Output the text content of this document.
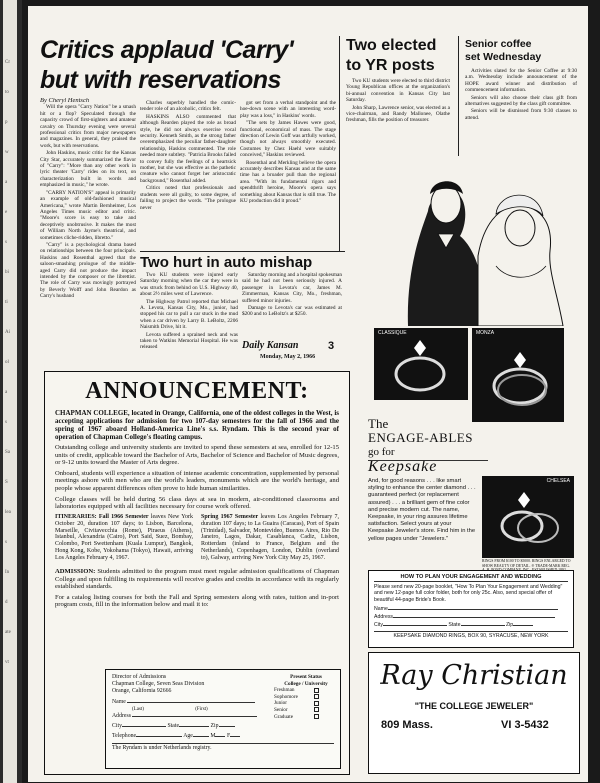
Cr
to
p
w
a
e
s
bi
ti
Ai
ol
a
s
Sa
S
lea
s
In
d
ate
vt
Critics applaud 'Carry'
but with reservations
By Cheryl Hentsch

Will the opera "Carry Nation" be a smash hit or a flop? Speculated through the capacity crowd of first-nighters and amateur cavalry on Thursday evening were several professional critics from major newspapers and magazines. In general, they praised the work, but with reservations.

John Haskins, music critic for the Kansas City Star, accurately summarized the flavor of "Carry": "More than any other work in lyric theater 'Carry' rides on its text, on characterization built in words and emphasized in music," he wrote.

"CARRY NATION'S" appeal is primarily an example of old-fashioned musical Americana," wrote Martin Bernheimer, Los Angeles Times music editor and critic. "Moore's score is easy to take and deceptively unobtrusive. It makes the most of William North Jayme's theatrical, and sometimes cliche-ridden, libretto."

"Carry" is a psychological drama based on relationships between the four principals. Haskins and Rosenthal agreed that the saloon-smashing prologue of the middle-aged Carry did not produce the impact intended by the composer or the librettist. The role of Carry was movingly portrayed by Beverly Wolff and John Reardon as Carry's husband

Charles superbly handled the comic-tender role of an alcoholic, critics felt.

HASKINS ALSO commented that although Rearden played the role as broad style, he did not always exercise vocal security. Kenneth Smith, as the strong father overemphasized the peculiar father-daughter relationship, Haskins commented. The role needed more subtlety. "Patricia Brooks failed to convey fully the feelings of a heartsick mother, but she was effective as the pathetic creature who cannot forget her aristocratic background," Rosenthal added.

Critics noted that professionals and students were all guilty, to some degree, of failing to project the words. "The prologue never

got set from a verbal standpoint and the hoe-down scene with an interesting word-play was a loss," in Haskins' words.

"The sets by James Hawes were good, functional, economical of mass. The stage direction of Lewin Goff was artfully worked, though not always smoothly executed. Costumes by Chez Haehl were suitably conceived," Haskins reviewed.

Rosenthal and Merkling believe the opera accurately describes Kansas and at the same time has a broader pull than the regional area. "With its fundamental rigors and spendthrift heroine, Moore's opera says something about Kansas that is still true. The KU production did it proud."

Two elected
to YR posts

Two KU students were elected to third district Young Republican offices at the organization's bi-annual convention in Kansas City last Saturday.

John Sharp, Lawrence senior, was elected as a vice-chairman, and Randy Mallonee, Olathe freshman, fills the position of treasurer.

Senior coffee
set Wednesday

Activities slated for the Senior Coffee at 9:30 a.m. Wednesday include announcement of the HOPE award winner and distribution of commencement information.

Seniors will also choose their class gift from alternatives suggested by the class gift committee.

Seniors will be dismissed from 9:30 classes to attend.

Two hurt in auto mishap

Two KU students were injured early Saturday morning when the car they were in was struck from behind on U.S. Highway 40, about 2½ miles west of Lawrence.

The Highway Patrol reported that Michael A. Levota, Kansas City, Mo., junior, had stopped his car to pull a car stuck in the mud when a car driven by Larry B. LeBoltz, 2206 Naismith Drive, hit it.

Levota suffered a sprained neck and was taken to Watkins Memorial Hospital. He was released

Saturday morning and a hospital spokesman said he had not been seriously injured. A passenger in Levota's car, James M. Zimmerman, Kansas City, Mo., freshman, suffered minor injuries.

Damage to Levota's car was estimated at $200 and to LeBoltz's at $250.

Daily Kansan
Monday, May 2, 1966
3
ANNOUNCEMENT:

CHAPMAN COLLEGE, located in Orange, California, one of the oldest colleges in the West, is accepting applications for admission for two 107-day semesters for the fall of 1966 and the spring of 1967 aboard Holland-America Line's s.s. Ryndam. This is the second year of operation of Chapman College's floating campus.

Outstanding college and university students are invited to spend these semesters at sea, enrolled for 12-15 units of credit, applicable toward the Bachelor of Arts, Bachelor of Science and Bachelor of Music degrees, or 9-12 units toward the Master of Arts degree.

Onboard, students will experience a situation of intense academic concentration, supplemented by personal meetings ashore with men who are the world's leaders, monuments which are the world's heritage, and people whose apparent differences often prove to hide human similarities.

College classes will be held during 56 class days at sea in modern, air-conditioned classrooms and laboratories equipped with all facilities necessary for course work offered.

ITINERARIES: Fall 1966 Semester leaves New York October 20, duration 107 days; to Lisbon, Barcelona, Marseille, Civitavecchia (Rome), Piraeus (Athens), Istanbul, Alexandria (Cairo), Port Said, Suez, Bombay, Colombo, Port Swettenham (Kuala Lumpur), Bangkok, Hong Kong, Kobe, Yokohama (Tokyo), Hawaii, arriving Los Angeles February 4, 1967.

Spring 1967 Semester leaves Los Angeles February 7, duration 107 days; to La Guaira (Caracas), Port of Spain (Trinidad), Salvador, Montevideo, Buenos Aires, Rio De Janeiro, Lagos, Dakar, Casablanca, Cadiz, Lisbon, Rotterdam (inland to France, Belgium and the Netherlands), Copenhagen, London, Dublin (overland to), Galway, arriving New York City May 25, 1967.

ADMISSION: Students admitted to the program must meet regular admission qualifications of Chapman College and upon fulfilling its requirements will receive grades and credits in accordance with its regularly established standards.

For a catalog listing courses for both the Fall and Spring semesters along with rates, tuition and in-port program costs, fill in the information below and mail it to:

Director of Admissions
Chapman College, Seven Seas Division
Orange, California 92666
Present Status
College / University
Freshman
Sophomore
Junior
Senior
Graduate
Name
(Last)	(First)
Address
City	State	Zip
Telephone	Age	M F
The Ryndam is under Netherlands registry.
CLASSIQUE	MONZA
The
ENGAGE-ABLES
go for
Keepsake
And, for good reasons . . . like smart styling to enhance the center diamond . . . guaranteed perfect (or replacement assured) . . . a brilliant gem of fine color and precise modern cut. The name, Keepsake, in your ring assures lifetime satisfaction. Select yours at your Keepsake Jeweler's store. Find him in the yellow pages under "Jewelers."
CHELSEA
RINGS FROM $100 TO $5000. RINGS ENLARGED TO SHOW BEAUTY OF DETAIL. ® TRADE-MARK REG.
HOW TO PLAN YOUR ENGAGEMENT AND WEDDING
Please send new 20-page booklet, "How To Plan Your Engagement and Wedding" and new 12-page full color folder, both for only 25c. Also, send special offer of beautiful 44-page Bride's Book.
Name
Address
City	State	Zip
KEEPSAKE DIAMOND RINGS, BOX 90, SYRACUSE, NEW YORK
Ray Christian
"THE COLLEGE JEWELER"
809 Mass.	VI 3-5432
